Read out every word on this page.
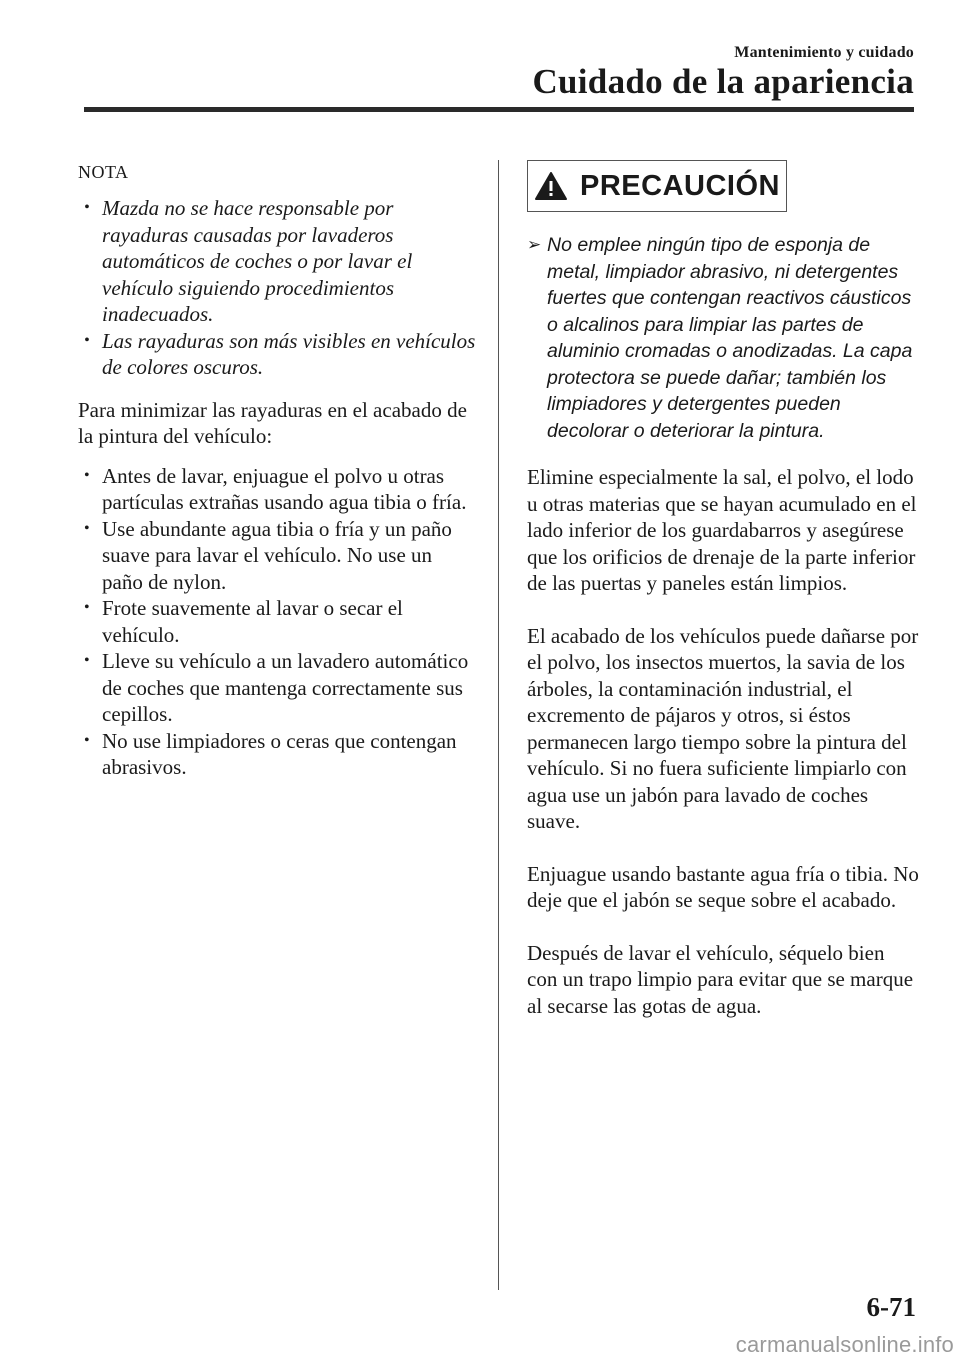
Mantenimiento y cuidado
Cuidado de la apariencia
NOTA
• Mazda no se hace responsable por rayaduras causadas por lavaderos automáticos de coches o por lavar el vehículo siguiendo procedimientos inadecuados.
• Las rayaduras son más visibles en vehículos de colores oscuros.

Para minimizar las rayaduras en el acabado de la pintura del vehículo:

• Antes de lavar, enjuague el polvo u otras partículas extrañas usando agua tibia o fría.
• Use abundante agua tibia o fría y un paño suave para lavar el vehículo. No use un paño de nylon.
• Frote suavemente al lavar o secar el vehículo.
• Lleve su vehículo a un lavadero automático de coches que mantenga correctamente sus cepillos.
• No use limpiadores o ceras que contengan abrasivos.
PRECAUCIÓN
➢ No emplee ningún tipo de esponja de metal, limpiador abrasivo, ni detergentes fuertes que contengan reactivos cáusticos o alcalinos para limpiar las partes de aluminio cromadas o anodizadas. La capa protectora se puede dañar; también los limpiadores y detergentes pueden decolorar o deteriorar la pintura.

Elimine especialmente la sal, el polvo, el lodo u otras materias que se hayan acumulado en el lado inferior de los guardabarros y asegúrese que los orificios de drenaje de la parte inferior de las puertas y paneles están limpios.

El acabado de los vehículos puede dañarse por el polvo, los insectos muertos, la savia de los árboles, la contaminación industrial, el excremento de pájaros y otros, si éstos permanecen largo tiempo sobre la pintura del vehículo. Si no fuera suficiente limpiarlo con agua use un jabón para lavado de coches suave.

Enjuague usando bastante agua fría o tibia. No deje que el jabón se seque sobre el acabado.

Después de lavar el vehículo, séquelo bien con un trapo limpio para evitar que se marque al secarse las gotas de agua.

6-71
carmanualsonline.info
